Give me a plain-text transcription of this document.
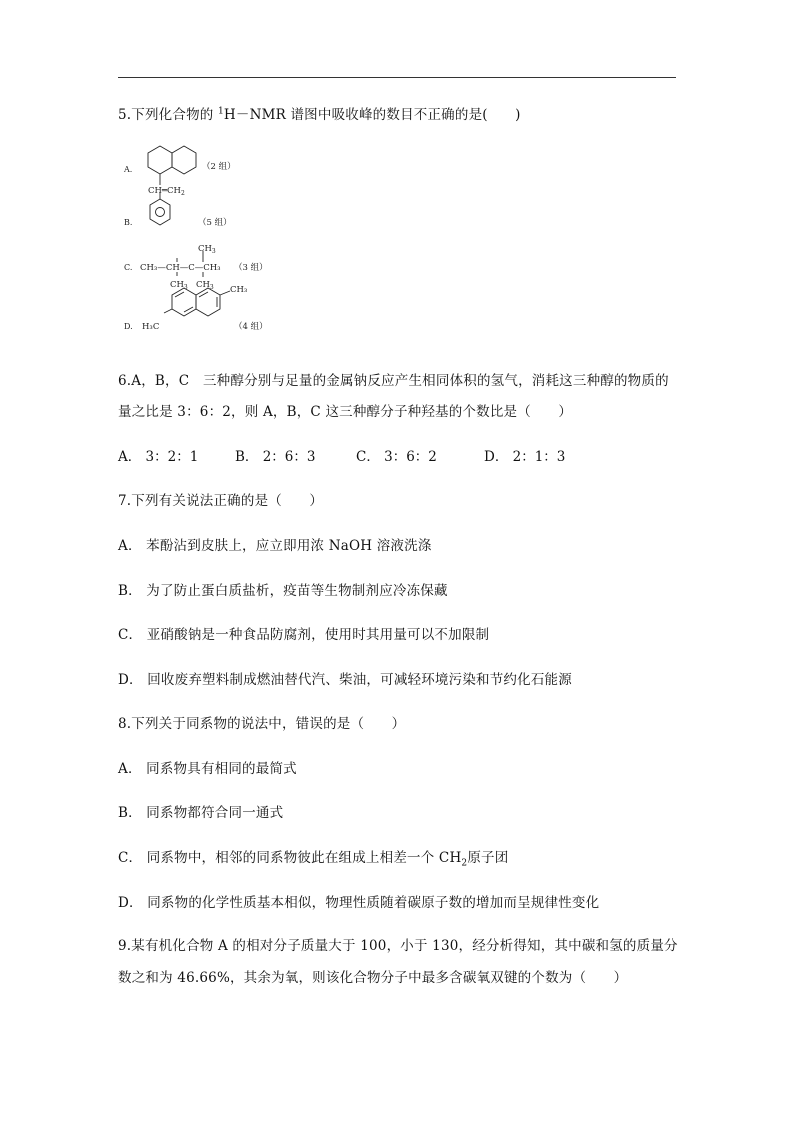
5.下列化合物的 $^1$H－NMR 谱图中吸收峰的数目不正确的是(　　)
A.	（2 组）
$CH═CH_2$
B.	（5 组）
$CH_3$
C. CH₃—CH—C—CH₃ （3 组）
$CH_3$ $CH_3$ CH₃
D. H₃C	（4 组）
6.A，B，C　三种醇分别与足量的金属钠反应产生相同体积的氢气，消耗这三种醇的物质的
量之比是 3：6：2，则 A，B，C 这三种醇分子种羟基的个数比是（　　）
A． 3：2：1	B． 2：6：3	C． 3：6：2	D． 2：1：3
7.下列有关说法正确的是（　　）
A． 苯酚沾到皮肤上，应立即用浓 NaOH 溶液洗涤
B． 为了防止蛋白质盐析，疫苗等生物制剂应冷冻保藏
C． 亚硝酸钠是一种食品防腐剂，使用时其用量可以不加限制
D． 回收废弃塑料制成燃油替代汽、柴油，可减轻环境污染和节约化石能源
8.下列关于同系物的说法中，错误的是（　　）
A． 同系物具有相同的最简式
B． 同系物都符合同一通式
C． 同系物中，相邻的同系物彼此在组成上相差一个 $CH_2$原子团
D． 同系物的化学性质基本相似，物理性质随着碳原子数的增加而呈规律性变化
9.某有机化合物 A 的相对分子质量大于 100，小于 130，经分析得知，其中碳和氢的质量分
数之和为 46.66%，其余为氧，则该化合物分子中最多含碳氧双键的个数为（　　）
